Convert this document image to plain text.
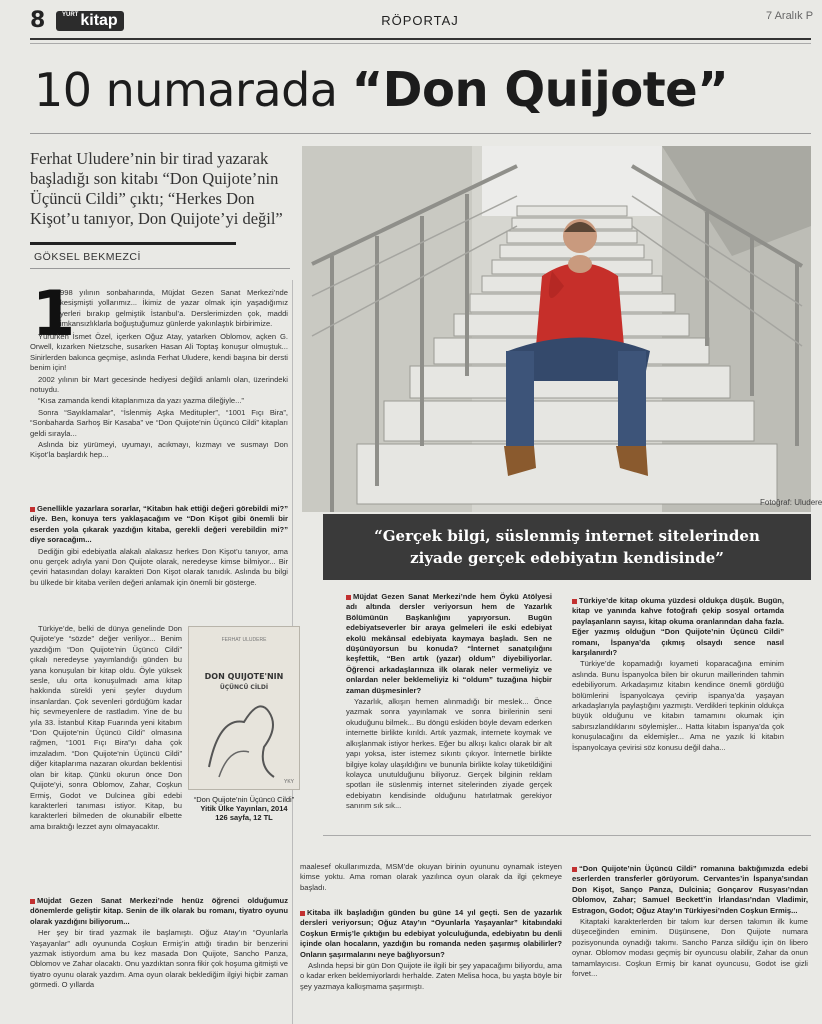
8	$^{YURT}$ kitap	RÖPORTAJ	7 Aralık P
10 numarada “Don Quijote”
Ferhat Uludere’nin bir tirad yazarak başladığı son kitabı “Don Quijote’nin Üçüncü Cildi” çıktı; “Herkes Don Kişot’u tanıyor, Don Quijote’yi değil”
GÖKSEL BEKMEZCİ
Fotoğraf: Uludere
“Gerçek bilgi, süslenmiş internet sitelerinden
ziyade gerçek edebiyatın kendisinde”
1

998 yılının sonbaharında, Müjdat Gezen Sanat Merkezi’nde kesişmişti yollarımız... İkimiz de yazar olmak için yaşadığımız yerleri bırakıp gelmiştik İstanbul’a. Derslerimizden çok, maddi imkansızlıklarla boğuştuğumuz günlerde yakınlaştık birbirimize.

Yürürken İsmet Özel, içerken Oğuz Atay, yatarken Oblomov, açken G. Orwell, kızarken Nietzsche, susarken Hasan Ali Toptaş konuşur olmuştuk... Sinirlerden bakınca geçmişe, aslında Ferhat Uludere, kendi başına bir dersti benim için!

2002 yılının bir Mart gecesinde hediyesi değildi anlamlı olan, üzerindeki notuydu.

“Kısa zamanda kendi kitaplarımıza da yazı yazma dileğiyle...”

Sonra “Sayıklamalar”, “İslenmiş Aşka Meditupler”, “1001 Fıçı Bira”, “Sonbaharda Sarhoş Bir Kasaba” ve “Don Quijote’nin Üçüncü Cildi” kitapları geldi sırayla...

Aslında biz yürümeyi, uyumayı, acıkmayı, kızmayı ve susmayı Don Kişot’la başlardık hep...

Genellikle yazarlara sorarlar, “Kitabın hak ettiği değeri görebildi mi?” diye. Ben, konuya ters yaklaşacağım ve “Don Kişot gibi önemli bir eserden yola çıkarak yazdığın kitaba, gerekli değeri verebildin mi?” diye soracağım...

Dediğin gibi edebiyatla alakalı alakasız herkes Don Kişot’u tanıyor, ama onu gerçek adıyla yani Don Quijote olarak, neredeyse kimse bilmiyor... Bir çeviri hatasından dolayı karakteri Don Kişot olarak tanıdık. Aslında bu bilgi bu ülkede bir kitaba verilen değeri anlamak için önemli bir gösterge.

Türkiye’de, belki de dünya genelinde Don Quijote’ye “sözde” değer veriliyor... Benim yazdığım “Don Quijote’nin Üçüncü Cildi” çıkalı neredeyse yayımlandığı günden bu yana konuşulan bir kitap oldu. Öyle yüksek sesle, ulu orta konuşulmadı ama kitap hakkında sürekli yeni şeyler duydum insanlardan. Çok sevenleri gördüğüm kadar hiç sevmeyenlere de rastladım. Yine de bu yıla 33. İstanbul Kitap Fuarında yeni kitabım “Don Quijote’nin Üçüncü Cildi” olmasına rağmen, “1001 Fıçı Bira”yı daha çok imzaladım. “Don Quijote’nin Üçüncü Cildi” diğer kitaplarıma nazaran okurdan beklentisi olan bir kitap. Çünkü okurun önce Don Quijote’yi, sonra Oblomov, Zahar, Coşkun Ermiş, Godot ve Dulcinea gibi edebi karakterleri tanıması istiyor. Kitap, bu karakterleri bilmeden de okunabilir elbette ama bıraktığı lezzet aynı olmayacaktır.

FERHAT ULUDERE
DON QUIJOTE'NIN
ÜÇÜNCÜ CİLDİ
YKY
“Don Quijote’nin Üçüncü Cildi”
Yitik Ülke Yayınları, 2014
126 sayfa, 12 TL

Müjdat Gezen Sanat Merkezi’nde henüz öğrenci olduğumuz dönemlerde geliştir kitap. Senin de ilk olarak bu romanı, tiyatro oyunu olarak yazdığını biliyorum...

Her şey bir tirad yazmak ile başlamıştı. Oğuz Atay’ın “Oyunlarla Yaşayanlar” adlı oyununda Coşkun Ermiş’in attığı tiradın bir benzerini yazmak istiyordum ama bu kez masada Don Quijote, Sancho Panza, Oblomov ve Zahar olacaktı. Onu yazdıktan sonra fikir çok hoşuma gitmişti ve tiyatro oyunu olarak yazdım. Ama oyun olarak beklediğim ilgiyi hiçbir zaman görmedi. O yıllarda

Müjdat Gezen Sanat Merkezi’nde hem Öykü Atölyesi adı altında dersler veriyorsun hem de Yazarlık Bölümünün Başkanlığını yapıyorsun. Bugün edebiyatseverler bir araya gelmeleri ile eski edebiyat ekolü mekânsal edebiyata kaymaya başladı. Sen ne düşünüyorsun bu konuda? “İnternet sanatçılığını keşfettik, “Ben artık (yazar) oldum” diyebiliyorlar. Öğrenci arkadaşlarınıza ilk olarak neler vermeliyiz ve onlardan neler beklemeliyiz ki “oldum” tuzağına hiçbir zaman düşmesinler?

Yazarlık, alkışın hemen alınmadığı bir meslek... Önce yazmak sonra yayınlamak ve sonra birilerinin seni okuduğunu bilmek... Bu döngü eskiden böyle devam ederken internette birlikte kırıldı. Artık yazmak, internete koymak ve alkışlanmak istiyor herkes. Eğer bu alkışı kalıcı olarak bir alt yapı yoksa, ister istemez sıkıntı çıkıyor. İnternetle birlikte bilgiye kolay ulaşıldığını ve bununla birlikte kolay tüketildiğini kolayca unutulduğunu biliyoruz. Gerçek bilginin reklam spotları ile süslenmiş internet sitelerinden ziyade gerçek edebiyatın kendisinde olduğunu hatırlatmak gerekiyor sanırım sık sık...

Türkiye’de kitap okuma yüzdesi oldukça düşük. Bugün, kitap ve yanında kahve fotoğrafı çekip sosyal ortamda paylaşanların sayısı, kitap okuma oranlarından daha fazla. Eğer yazmış olduğun “Don Quijote’nin Üçüncü Cildi” romanı, İspanya’da çıkmış olsaydı sence nasıl karşılanırdı?

Türkiye’de kopamadığı kıyameti koparacağına eminim aslında. Bunu İspanyolca bilen bir okurun maillerinden tahmin edebiliyorum. Arkadaşımız kitabın kendince önemli gördüğü bölümlerini İspanyolcaya çevirip ispanya’da yaşayan arkadaşlarıyla paylaştığını yazmıştı. Verdikleri tepkinin oldukça büyük olduğunu ve kitabın tamamını okumak için sabırsızlandıklarını söylemişler... Hatta kitabın İspanya’da çok konuşulacağını da eklemişler... Ama ne yazık ki kitabın İspanyolcaya çevirisi söz konusu değil daha...

maalesef okullarımızda, MSM’de okuyan birinin oyununu oynamak isteyen kimse yoktu. Ama roman olarak yazılınca oyun olarak da ilgi çekmeye başladı.

Kitaba ilk başladığın günden bu güne 14 yıl geçti. Sen de yazarlık dersleri veriyorsun; Oğuz Atay’ın “Oyunlarla Yaşayanlar” kitabındaki Coşkun Ermiş’le çıktığın bu edebiyat yolculuğunda, edebiyatın bu denli içinde olan hocaların, yazdığın bu romanda neden şaşırmış olabilirler? Onların şaşırmalarını neye bağlıyorsun?

Aslında hepsi bir gün Don Quijote ile ilgili bir şey yapacağımı biliyordu, ama o kadar erken beklemiyorlardı herhalde. Zaten Melisa hoca, bu yaşta böyle bir şey yazmaya kalkışmama şaşırmıştı.

“Don Quijote’nin Üçüncü Cildi” romanına baktığımızda edebi eserlerden transferler görüyorum. Cervantes’in İspanya’sından Don Kişot, Sanço Panza, Dulcinia; Gonçarov Rusyası’ndan Oblomov, Zahar; Samuel Beckett’in İrlandası’ndan Vladimir, Estragon, Godot; Oğuz Atay’ın Türkiyesi’nden Coşkun Ermiş...

Kitaptaki karakterlerden bir takım kur dersen takımın ilk kume düşeceğinden eminim. Düşünsene, Don Quijote numara pozisyonunda oynadığı takımı. Sancho Panza sildiğu için ön libero oynar. Oblomov modası geçmiş bir oyuncusu olabilir, Zahar da onun tamamlayıcısı. Coşkun Ermiş bir kanat oyuncusu, Godot ise gizli forvet...
